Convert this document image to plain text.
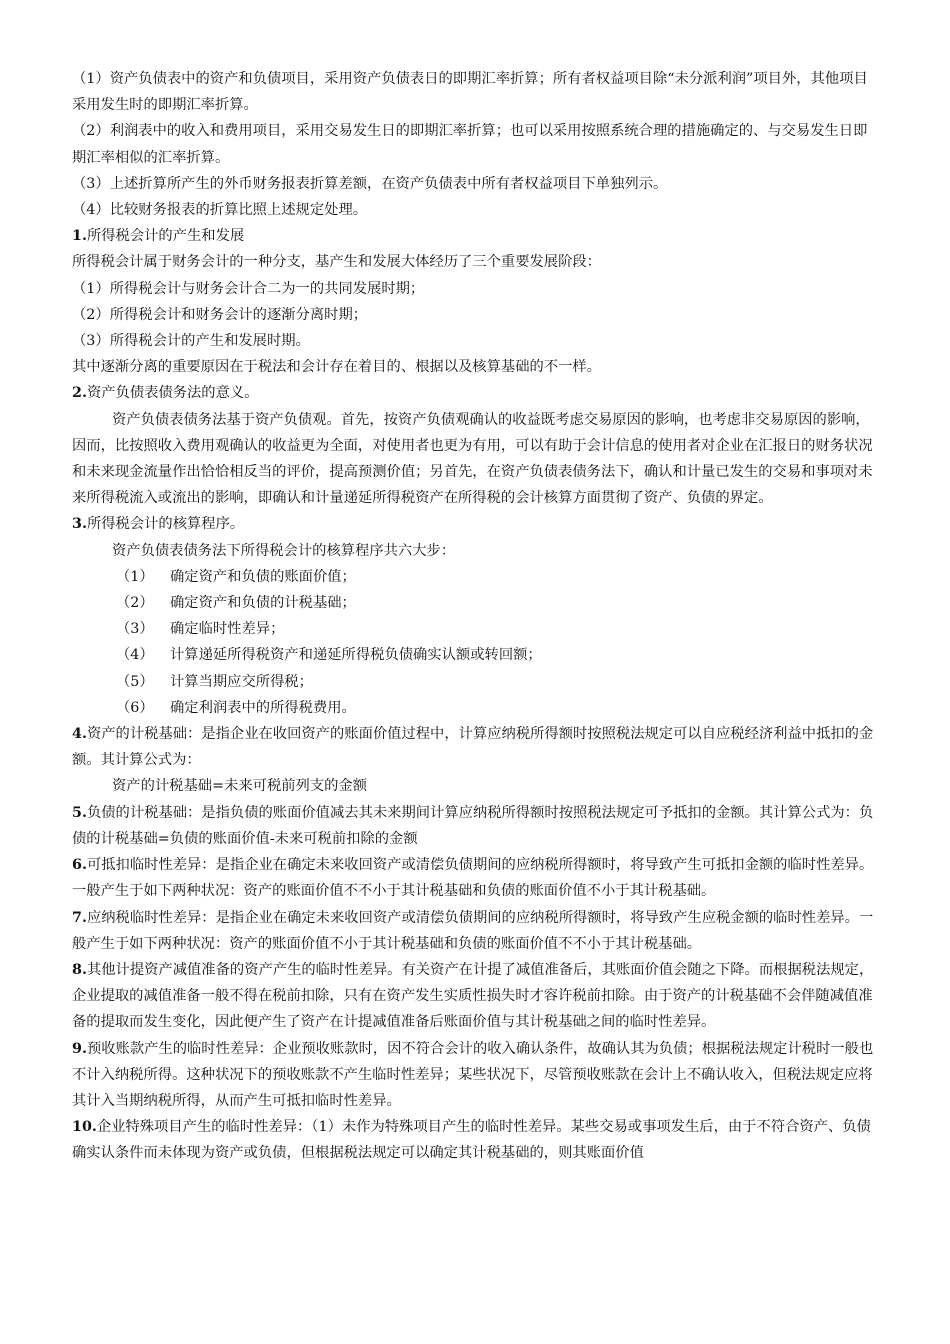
（1）资产负债表中的资产和负债项目，采用资产负债表日的即期汇率折算；所有者权益项目除“未分派利润”项目外，其他项目采用发生时的即期汇率折算。

（2）利润表中的收入和费用项目，采用交易发生日的即期汇率折算；也可以采用按照系统合理的措施确定的、与交易发生日即期汇率相似的汇率折算。

（3）上述折算所产生的外币财务报表折算差额，在资产负债表中所有者权益项目下单独列示。

（4）比较财务报表的折算比照上述规定处理。

1.所得税会计的产生和发展

所得税会计属于财务会计的一种分支，基产生和发展大体经历了三个重要发展阶段：

（1）所得税会计与财务会计合二为一的共同发展时期；

（2）所得税会计和财务会计的逐渐分离时期；

（3）所得税会计的产生和发展时期。

其中逐渐分离的重要原因在于税法和会计存在着目的、根据以及核算基础的不一样。

2.资产负债表债务法的意义。

资产负债表债务法基于资产负债观。首先，按资产负债观确认的收益既考虑交易原因的影响，也考虑非交易原因的影响，因而，比按照收入费用观确认的收益更为全面，对使用者也更为有用，可以有助于会计信息的使用者对企业在汇报日的财务状况和未来现金流量作出恰恰相反当的评价，提高预测价值；另首先，在资产负债表债务法下，确认和计量已发生的交易和事项对未来所得税流入或流出的影响，即确认和计量递延所得税资产在所得税的会计核算方面贯彻了资产、负债的界定。

3.所得税会计的核算程序。

资产负债表债务法下所得税会计的核算程序共六大步：

（1）	确定资产和负债的账面价值；
（2）	确定资产和负债的计税基础；
（3）	确定临时性差异；
（4）	计算递延所得税资产和递延所得税负债确实认额或转回额；
（5）	计算当期应交所得税；
（6）	确定利润表中的所得税费用。

4.资产的计税基础：是指企业在收回资产的账面价值过程中，计算应纳税所得额时按照税法规定可以自应税经济利益中抵扣的金额。其计算公式为：

资产的计税基础=未来可税前列支的金额

5.负债的计税基础：是指负债的账面价值减去其未来期间计算应纳税所得额时按照税法规定可予抵扣的金额。其计算公式为：负债的计税基础=负债的账面价值-未来可税前扣除的金额

6.可抵扣临时性差异：是指企业在确定未来收回资产或清偿负债期间的应纳税所得额时，将导致产生可抵扣金额的临时性差异。一般产生于如下两种状况：资产的账面价值不不小于其计税基础和负债的账面价值不小于其计税基础。

7.应纳税临时性差异：是指企业在确定未来收回资产或清偿负债期间的应纳税所得额时，将导致产生应税金额的临时性差异。一般产生于如下两种状况：资产的账面价值不小于其计税基础和负债的账面价值不不小于其计税基础。

8.其他计提资产减值准备的资产产生的临时性差异。有关资产在计提了减值准备后，其账面价值会随之下降。而根据税法规定，企业提取的减值准备一般不得在税前扣除，只有在资产发生实质性损失时才容许税前扣除。由于资产的计税基础不会伴随减值准备的提取而发生变化，因此便产生了资产在计提减值准备后账面价值与其计税基础之间的临时性差异。

9.预收账款产生的临时性差异：企业预收账款时，因不符合会计的收入确认条件，故确认其为负债；根据税法规定计税时一般也不计入纳税所得。这种状况下的预收账款不产生临时性差异；某些状况下，尽管预收账款在会计上不确认收入，但税法规定应将其计入当期纳税所得，从而产生可抵扣临时性差异。

10.企业特殊项目产生的临时性差异：（1）未作为特殊项目产生的临时性差异。某些交易或事项发生后，由于不符合资产、负债确实认条件而未体现为资产或负债，但根据税法规定可以确定其计税基础的，则其账面价值
